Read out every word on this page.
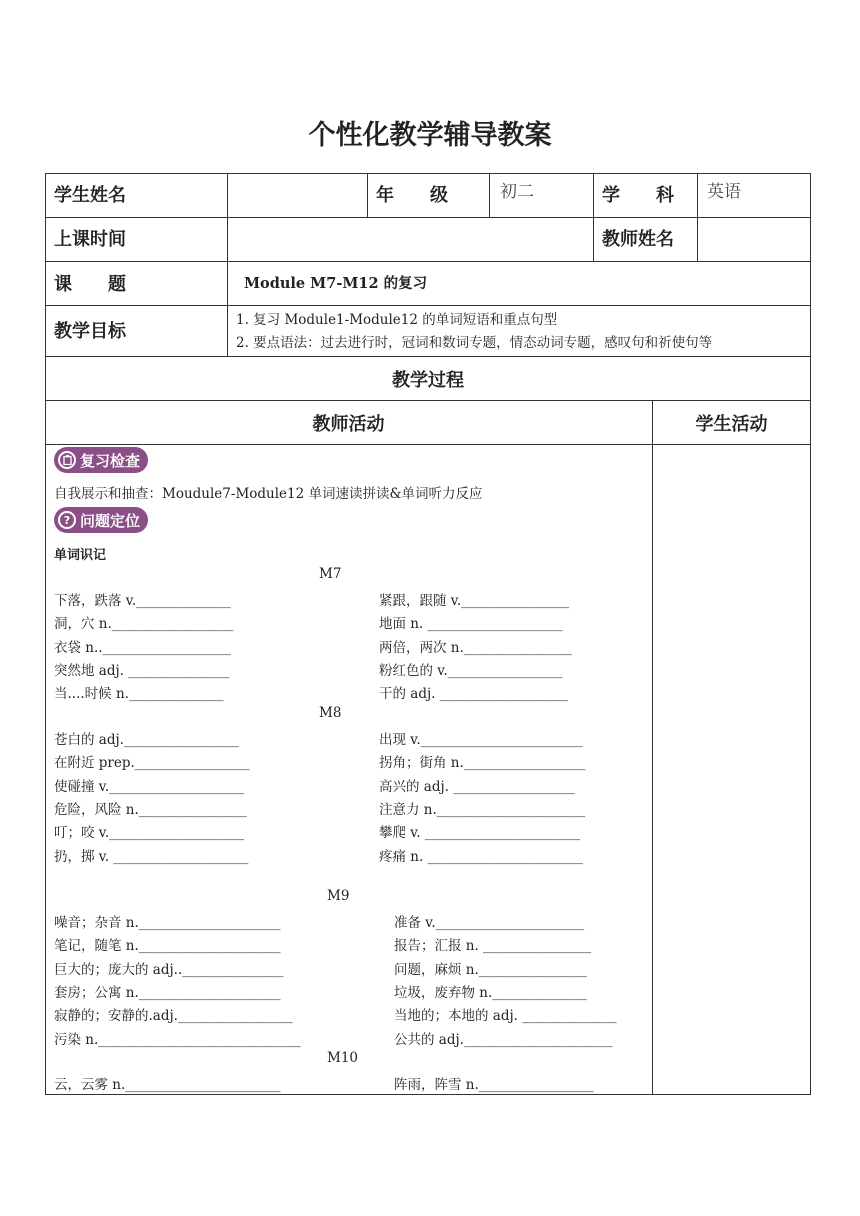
个性化教学辅导教案
学生姓名	年　　级	初二	学　　科 英语
上课时间	教师姓名
课　　题	Module M7-M12 的复习
教学目标
1. 复习 Module1-Module12 的单词短语和重点句型
2. 要点语法：过去进行时，冠词和数词专题，情态动词专题，感叹句和祈使句等
教学过程
教师活动	学生活动
复习检查
自我展示和抽查：Moudule7-Module12 单词速读拼读&单词听力反应
? 问题定位
单词识记
M7
下落，跌落 v.______________	紧跟，跟随 v.________________
洞，穴 n.__________________	地面 n. ____________________
衣袋 n..___________________	两倍，两次 n.________________
突然地 adj. _______________	粉红色的 v._________________
当....时候 n.______________	干的 adj. ___________________
M8
苍白的 adj._________________	出现 v.________________________
在附近 prep._________________	拐角；街角 n.__________________
使碰撞 v.____________________	高兴的 adj. __________________
危险，风险 n.________________	注意力 n.______________________
叮；咬 v.____________________	攀爬 v. _______________________
扔，掷 v. ____________________	疼痛 n. _______________________
M9
噪音；杂音 n._____________________	准备 v.______________________
笔记，随笔 n._____________________	报告；汇报 n. ________________
巨大的；庞大的 adj.._______________	问题，麻烦 n.________________
套房；公寓 n._____________________	垃圾，废弃物 n.______________
寂静的；安静的.adj._________________	当地的；本地的 adj. ______________
污染 n.______________________________	公共的 adj.______________________
M10
云，云雾 n._______________________	阵雨，阵雪 n._________________
